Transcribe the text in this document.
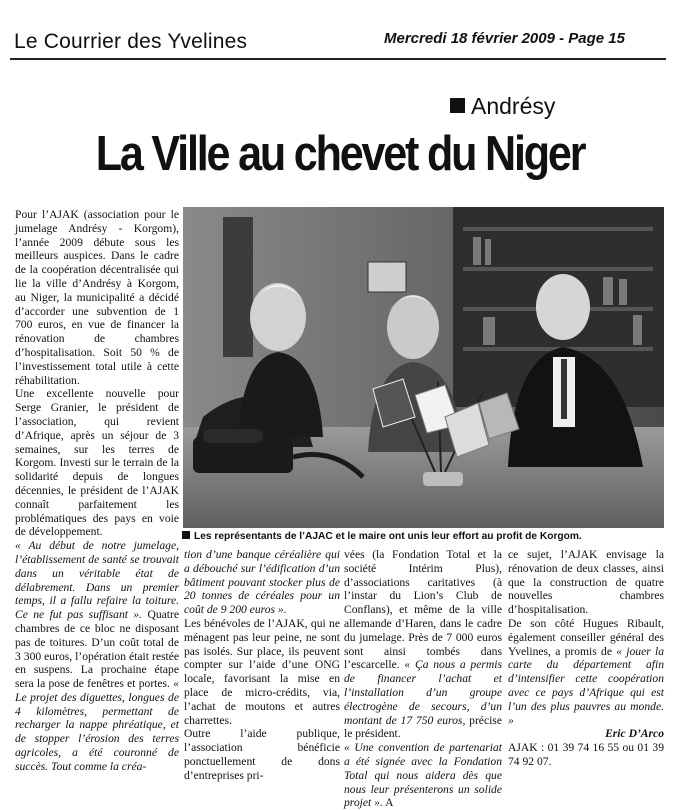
Le Courrier des Yvelines	Mercredi 18 février 2009 - Page 15
Andrésy
La Ville au chevet du Niger

Pour l’AJAK (association pour le jumelage Andrésy - Korgom), l’année 2009 débute sous les meilleurs auspices. Dans le cadre de la coopération décentralisée qui lie la ville d’Andrésy à Korgom, au Niger, la municipalité a décidé d’accorder une subvention de 1 700 euros, en vue de financer la rénovation de chambres d’hospitalisation. Soit 50 % de l’investissement total utile à cette réhabilitation.

Une excellente nouvelle pour Serge Granier, le président de l’association, qui revient d’Afrique, après un séjour de 3 semaines, sur les terres de Korgom. Investi sur le terrain de la solidarité depuis de longues décennies, le président de l’AJAK connaît parfaitement les problématiques des pays en voie de développement.

« Au début de notre jumelage, l’établissement de santé se trouvait dans un véritable état de délabrement. Dans un premier temps, il a fallu refaire la toiture. Ce ne fut pas suffisant ». Quatre chambres de ce bloc ne disposant pas de toitures. D’un coût total de 3 300 euros, l’opération était restée en suspens. La prochaine étape sera la pose de fenêtres et portes. « Le projet des diguettes, longues de 4 kilomètres, permettant de recharger la nappe phréatique, et de stopper l’érosion des terres agricoles, a été couronné de succès. Tout comme la créa-

Les représentants de l’AJAC et le maire ont unis leur effort au profit de Korgom.

tion d’une banque céréalière qui a débouché sur l’édification d’un bâtiment pouvant stocker plus de 20 tonnes de céréales pour un coût de 9 200 euros ».

Les bénévoles de l’AJAK, qui ne ménagent pas leur peine, ne sont pas isolés. Sur place, ils peuvent compter sur l’aide d’une ONG locale, favorisant la mise en place de micro-crédits, via, l’achat de moutons et autres charrettes.

Outre l’aide publique, l’association bénéficie ponctuellement de dons d’entreprises pri-

vées (la Fondation Total et la société Intérim Plus), d’associations caritatives (à l’instar du Lion’s Club de Conflans), et même de la ville allemande d’Haren, dans le cadre du jumelage. Près de 7 000 euros sont ainsi tombés dans l’escarcelle. « Ça nous a permis de financer l’achat et l’installation d’un groupe électrogène de secours, d’un montant de 17 750 euros, précise le président.

« Une convention de partenariat a été signée avec la Fondation Total qui nous aidera dès que nous leur présenterons un solide projet ». A

ce sujet, l’AJAK envisage la rénovation de deux classes, ainsi que la construction de quatre nouvelles chambres d’hospitalisation.

De son côté Hugues Ribault, également conseiller général des Yvelines, a promis de « jouer la carte du département afin d’intensifier cette coopération avec ce pays d’Afrique qui est l’un des plus pauvres au monde. »

Eric D’Arco

AJAK : 01 39 74 16 55 ou 01 39 74 92 07.
